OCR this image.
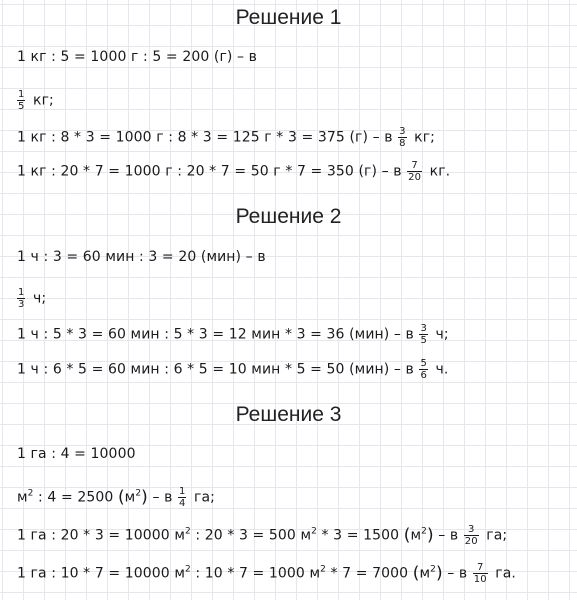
Решение 1
1 кг : 5 = 1000 г : 5 = 200 (г) – в
$\frac{1}{5}$ кг;
1 кг : 8 * 3 = 1000 г : 8 * 3 = 125 г * 3 = 375 (г) – в $\frac{3}{8}$ кг;
1 кг : 20 * 7 = 1000 г : 20 * 7 = 50 г * 7 = 350 (г) – в $\frac{7}{20}$ кг.
Решение 2
1 ч : 3 = 60 мин : 3 = 20 (мин) – в
$\frac{1}{3} ч$;
1 ч : 5 * 3 = 60 мин : 5 * 3 = 12 мин * 3 = 36 (мин) – в $\frac{3}{5} ч$;
1 ч : 6 * 5 = 60 мин : 6 * 5 = 10 мин * 5 = 50 (мин) – в $\frac{5}{6} ч$.
Решение 3
1 га : 4 = 10000
$м^2$ : 4 = 2500 $(м^2)$ – в $\frac{1}{4}$ га;
1 га : 20 * 3 = 10000 $м^2$ : 20 * 3 = 500 $м^2 * 3 = 1500$ $(м^2)$ – в $\frac{3}{20}$ га;
1 га : 10 * 7 = 10000 $м^2$ : 10 * 7 = 1000 $м^2 * 7 = 7000$ $(м^2)$ – в $\frac{7}{10}$ га.
